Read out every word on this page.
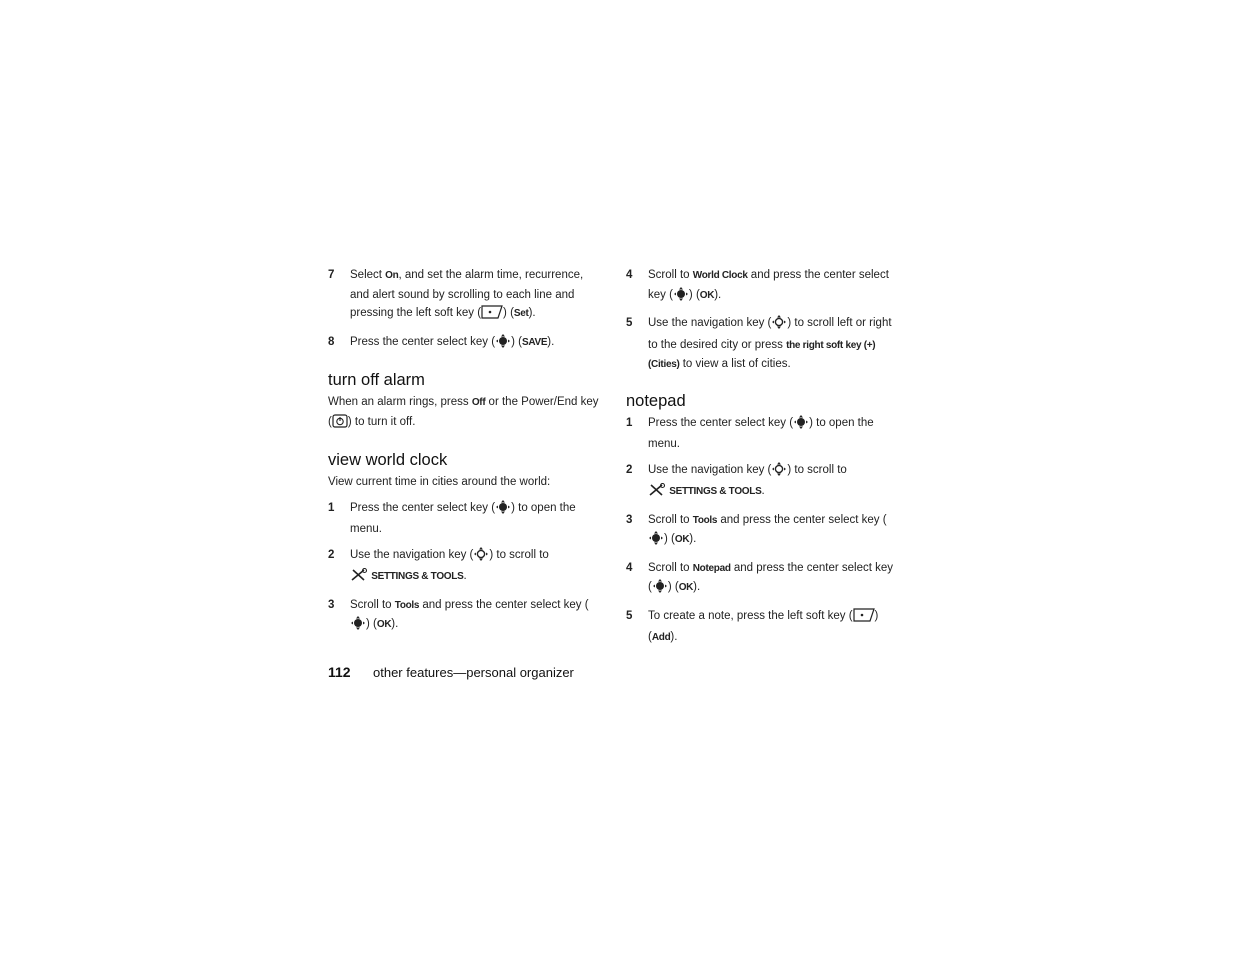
7	Select On, and set the alarm time, recurrence, and alert sound by scrolling to each line and pressing the left soft key ( ) (Set).
8	Press the center select key ( ) (SAVE).
turn off alarm

When an alarm rings, press Off or the Power/End key ( ) to turn it off.

view world clock

View current time in cities around the world:

1	Press the center select key ( ) to open the menu.
2	Use the navigation key ( ) to scroll to
SETTINGS & TOOLS.
3	Scroll to Tools and press the center select key () (OK).
4	Scroll to World Clock and press the center select key ( ) (OK).
5	Use the navigation key ( ) to scroll left or right to the desired city or press the right soft key (+) (Cities) to view a list of cities.
notepad
1	Press the center select key ( ) to open the menu.
2	Use the navigation key ( ) to scroll to
SETTINGS & TOOLS.
3	Scroll to Tools and press the center select key () (OK).
4	Scroll to Notepad and press the center select key ( ) (OK).
5	To create a note, press the left soft key ( ) (Add).
112 other features—personal organizer
